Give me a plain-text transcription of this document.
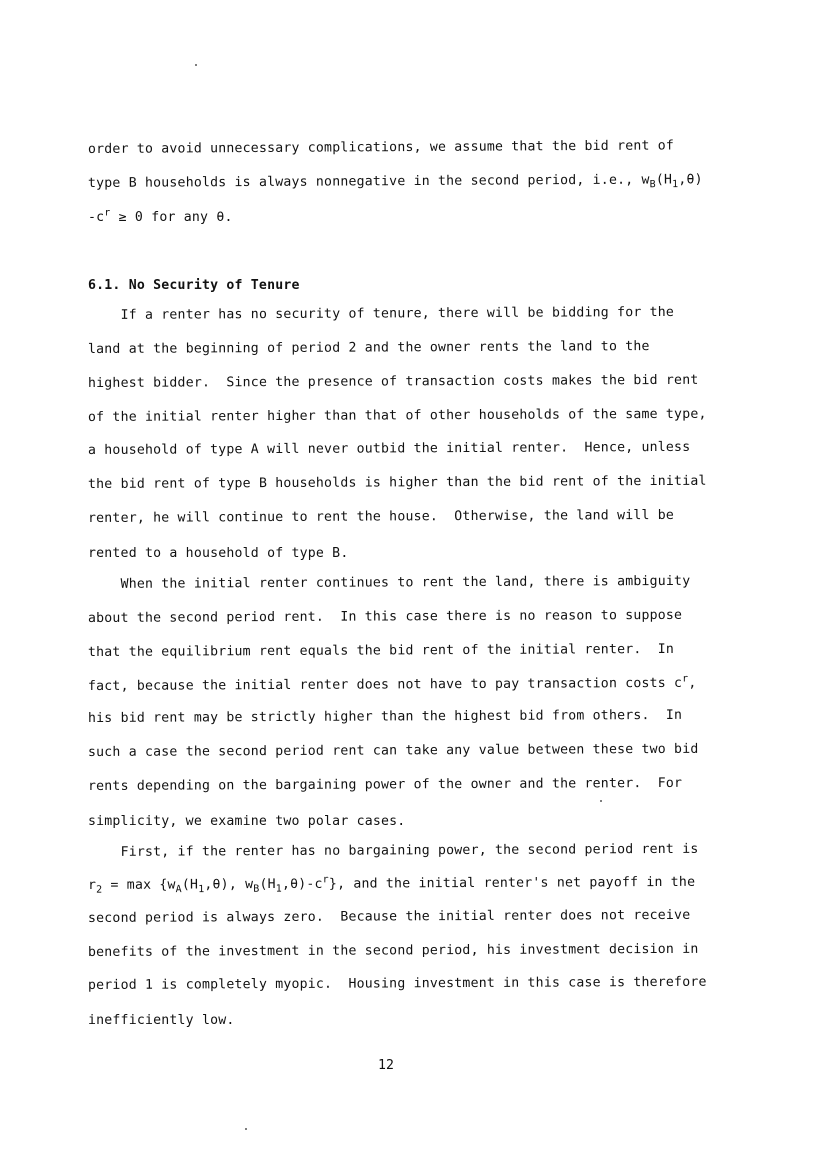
order to avoid unnecessary complications, we assume that the bid rent of
type B households is always nonnegative in the second period, i.e., $w_B(H_1,\theta)$
$-c^r \ge 0$ for any θ.
6.1. No Security of Tenure
If a renter has no security of tenure, there will be bidding for the
land at the beginning of period 2 and the owner rents the land to the
highest bidder.  Since the presence of transaction costs makes the bid rent
of the initial renter higher than that of other households of the same type,
a household of type A will never outbid the initial renter.  Hence, unless
the bid rent of type B households is higher than the bid rent of the initial
renter, he will continue to rent the house.  Otherwise, the land will be
rented to a household of type B.
When the initial renter continues to rent the land, there is ambiguity
about the second period rent.  In this case there is no reason to suppose
that the equilibrium rent equals the bid rent of the initial renter.  In
fact, because the initial renter does not have to pay transaction costs $c^r$,
his bid rent may be strictly higher than the highest bid from others.  In
such a case the second period rent can take any value between these two bid
rents depending on the bargaining power of the owner and the renter.  For
simplicity, we examine two polar cases.
First, if the renter has no bargaining power, the second period rent is
$r_2 = \max \{w_A(H_1,\theta)$, $w_B(H_1,\theta)-c^r$}, and the initial renter's net payoff in the
second period is always zero.  Because the initial renter does not receive
benefits of the investment in the second period, his investment decision in
period 1 is completely myopic.  Housing investment in this case is therefore
inefficiently low.
12
